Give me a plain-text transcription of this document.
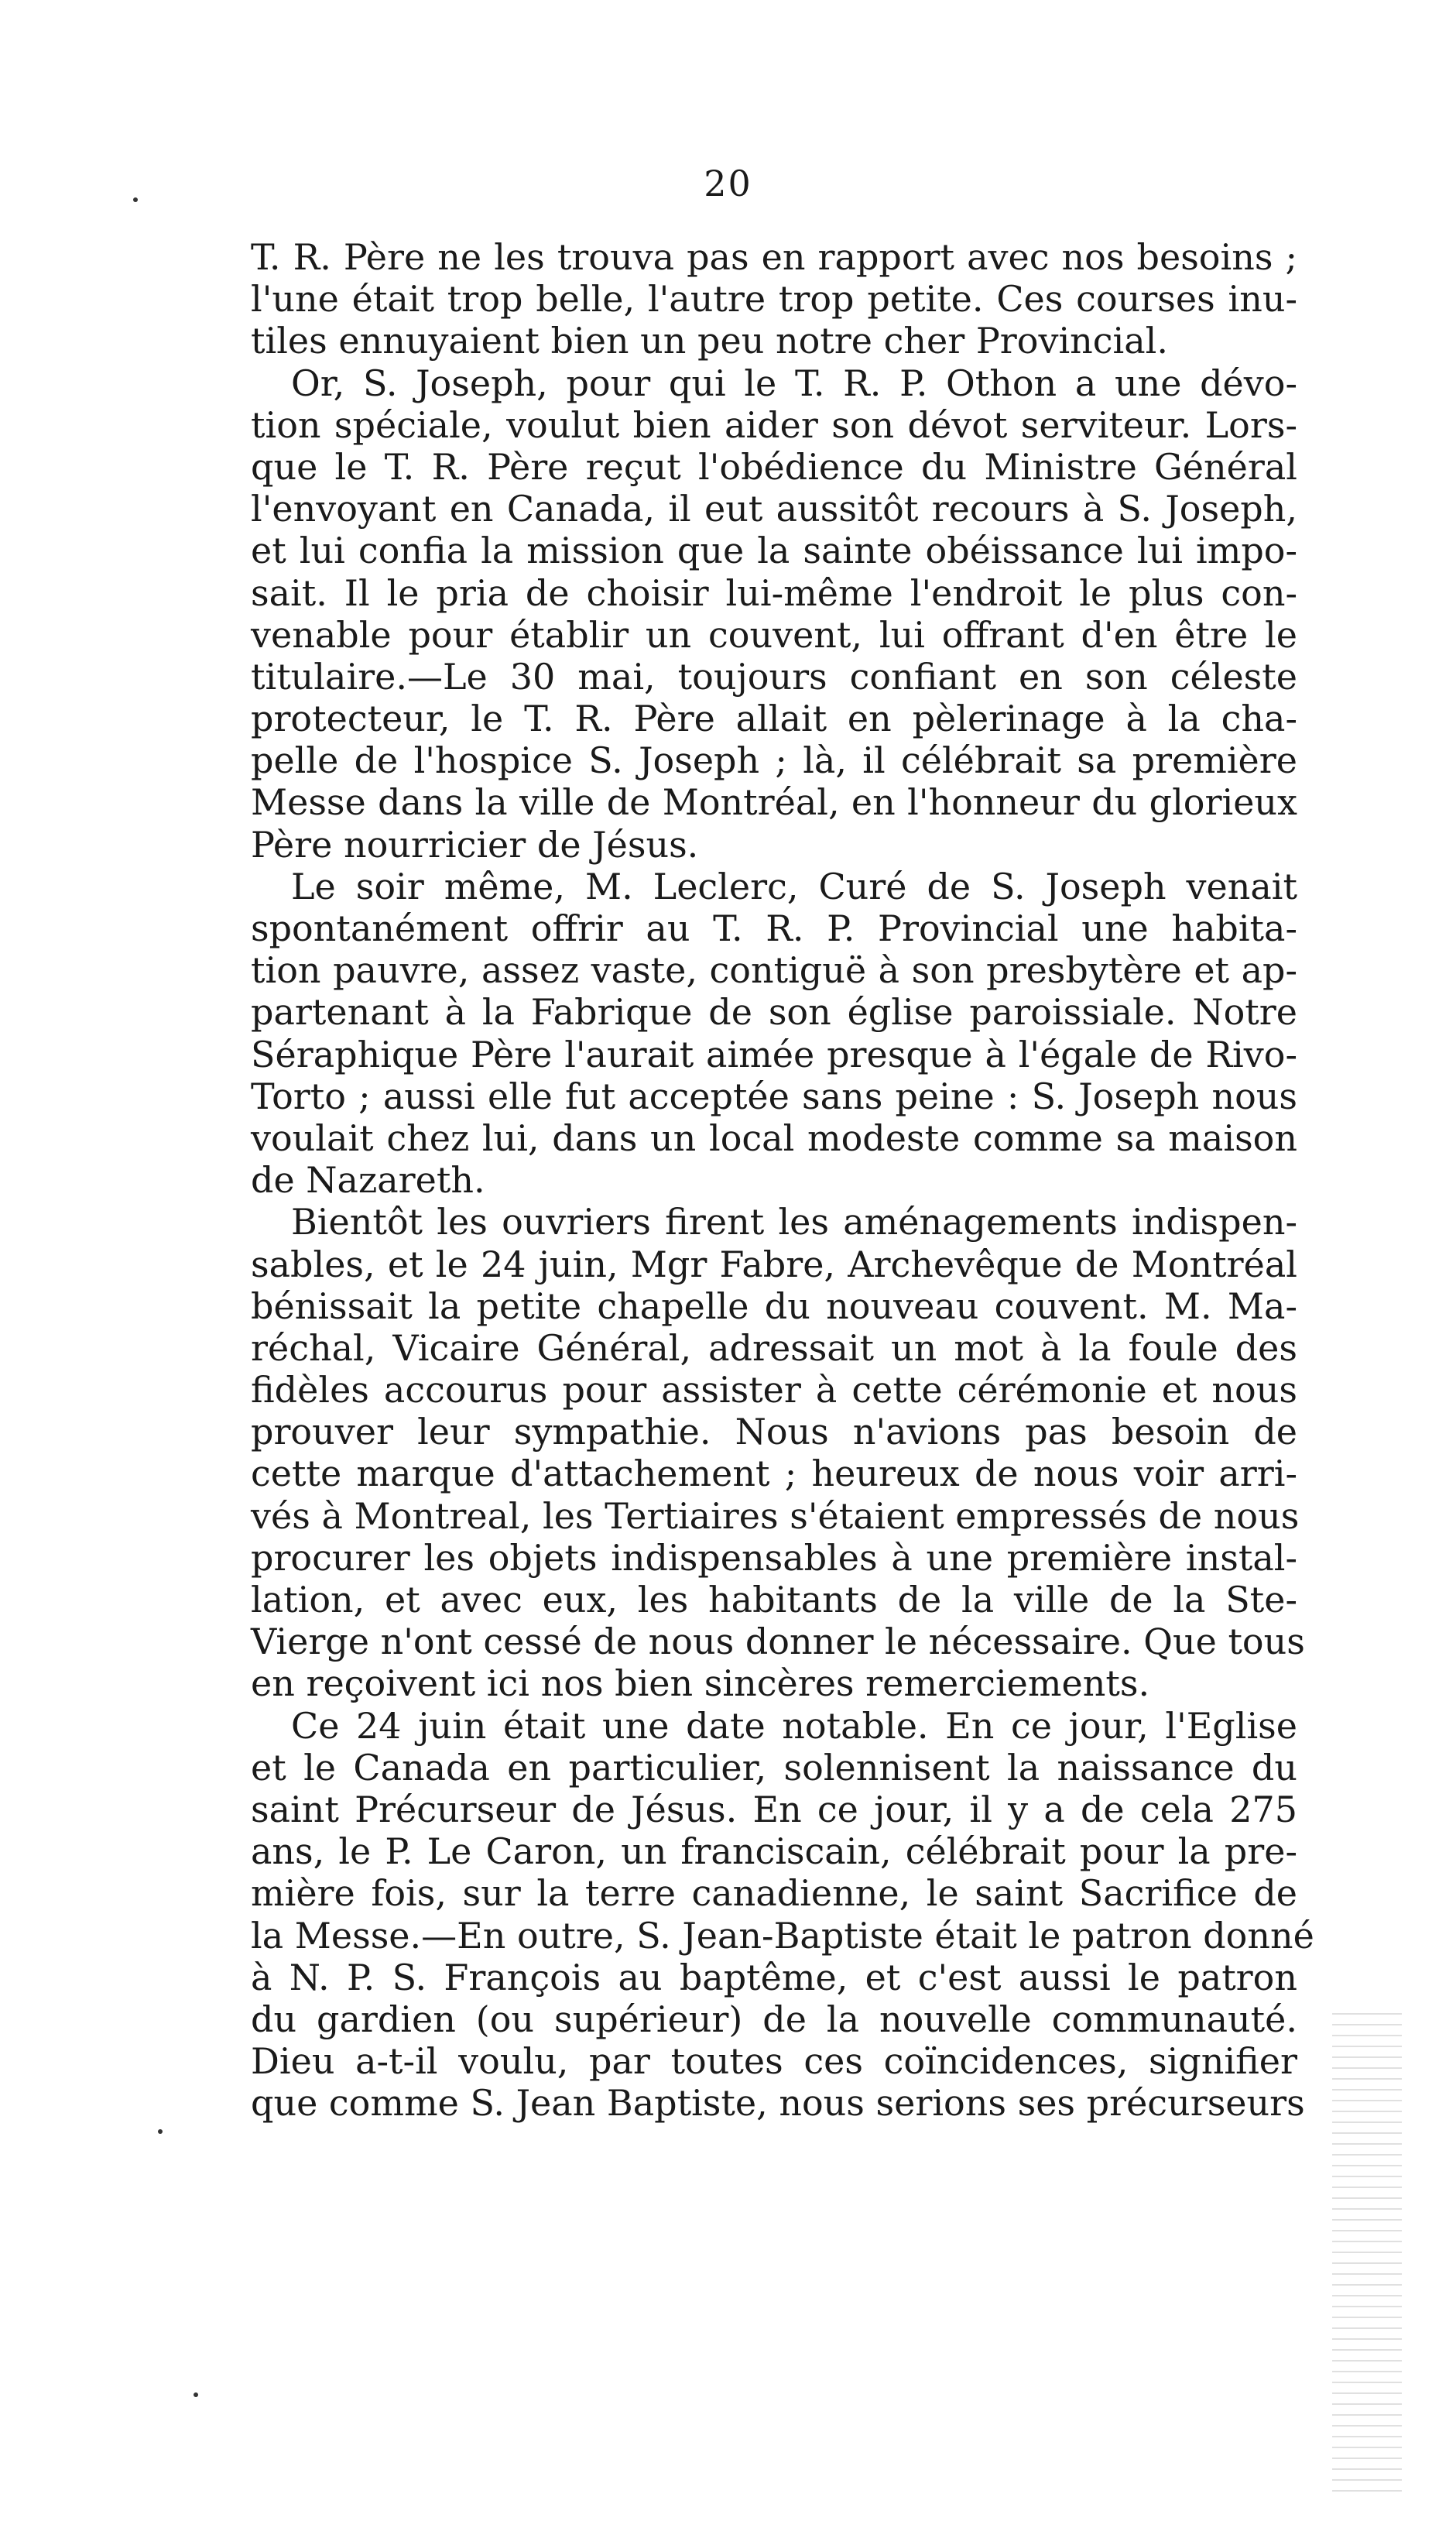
20
T. R. Père ne les trouva pas en rapport avec nos besoins ;
l'une était trop belle, l'autre trop petite. Ces courses inu-
tiles ennuyaient bien un peu notre cher Provincial.
Or, S. Joseph, pour qui le T. R. P. Othon a une dévo-
tion spéciale, voulut bien aider son dévot serviteur. Lors-
que le T. R. Père reçut l'obédience du Ministre Général
l'envoyant en Canada, il eut aussitôt recours à S. Joseph,
et lui confia la mission que la sainte obéissance lui impo-
sait. Il le pria de choisir lui-même l'endroit le plus con-
venable pour établir un couvent, lui offrant d'en être le
titulaire.—Le 30 mai, toujours confiant en son céleste
protecteur, le T. R. Père allait en pèlerinage à la cha-
pelle de l'hospice S. Joseph ; là, il célébrait sa première
Messe dans la ville de Montréal, en l'honneur du glorieux
Père nourricier de Jésus.
Le soir même, M. Leclerc, Curé de S. Joseph venait
spontanément offrir au T. R. P. Provincial une habita-
tion pauvre, assez vaste, contiguë à son presbytère et ap-
partenant à la Fabrique de son église paroissiale. Notre
Séraphique Père l'aurait aimée presque à l'égale de Rivo-
Torto ; aussi elle fut acceptée sans peine : S. Joseph nous
voulait chez lui, dans un local modeste comme sa maison
de Nazareth.
Bientôt les ouvriers firent les aménagements indispen-
sables, et le 24 juin, Mgr Fabre, Archevêque de Montréal
bénissait la petite chapelle du nouveau couvent. M. Ma-
réchal, Vicaire Général, adressait un mot à la foule des
fidèles accourus pour assister à cette cérémonie et nous
prouver leur sympathie. Nous n'avions pas besoin de
cette marque d'attachement ; heureux de nous voir arri-
vés à Montreal, les Tertiaires s'étaient empressés de nous
procurer les objets indispensables à une première instal-
lation, et avec eux, les habitants de la ville de la Ste-
Vierge n'ont cessé de nous donner le nécessaire. Que tous
en reçoivent ici nos bien sincères remerciements.
Ce 24 juin était une date notable. En ce jour, l'Eglise
et le Canada en particulier, solennisent la naissance du
saint Précurseur de Jésus. En ce jour, il y a de cela 275
ans, le P. Le Caron, un franciscain, célébrait pour la pre-
mière fois, sur la terre canadienne, le saint Sacrifice de
la Messe.—En outre, S. Jean-Baptiste était le patron donné
à N. P. S. François au baptême, et c'est aussi le patron
du gardien (ou supérieur) de la nouvelle communauté.
Dieu a-t-il voulu, par toutes ces coïncidences, signifier
que comme S. Jean Baptiste, nous serions ses précurseurs
